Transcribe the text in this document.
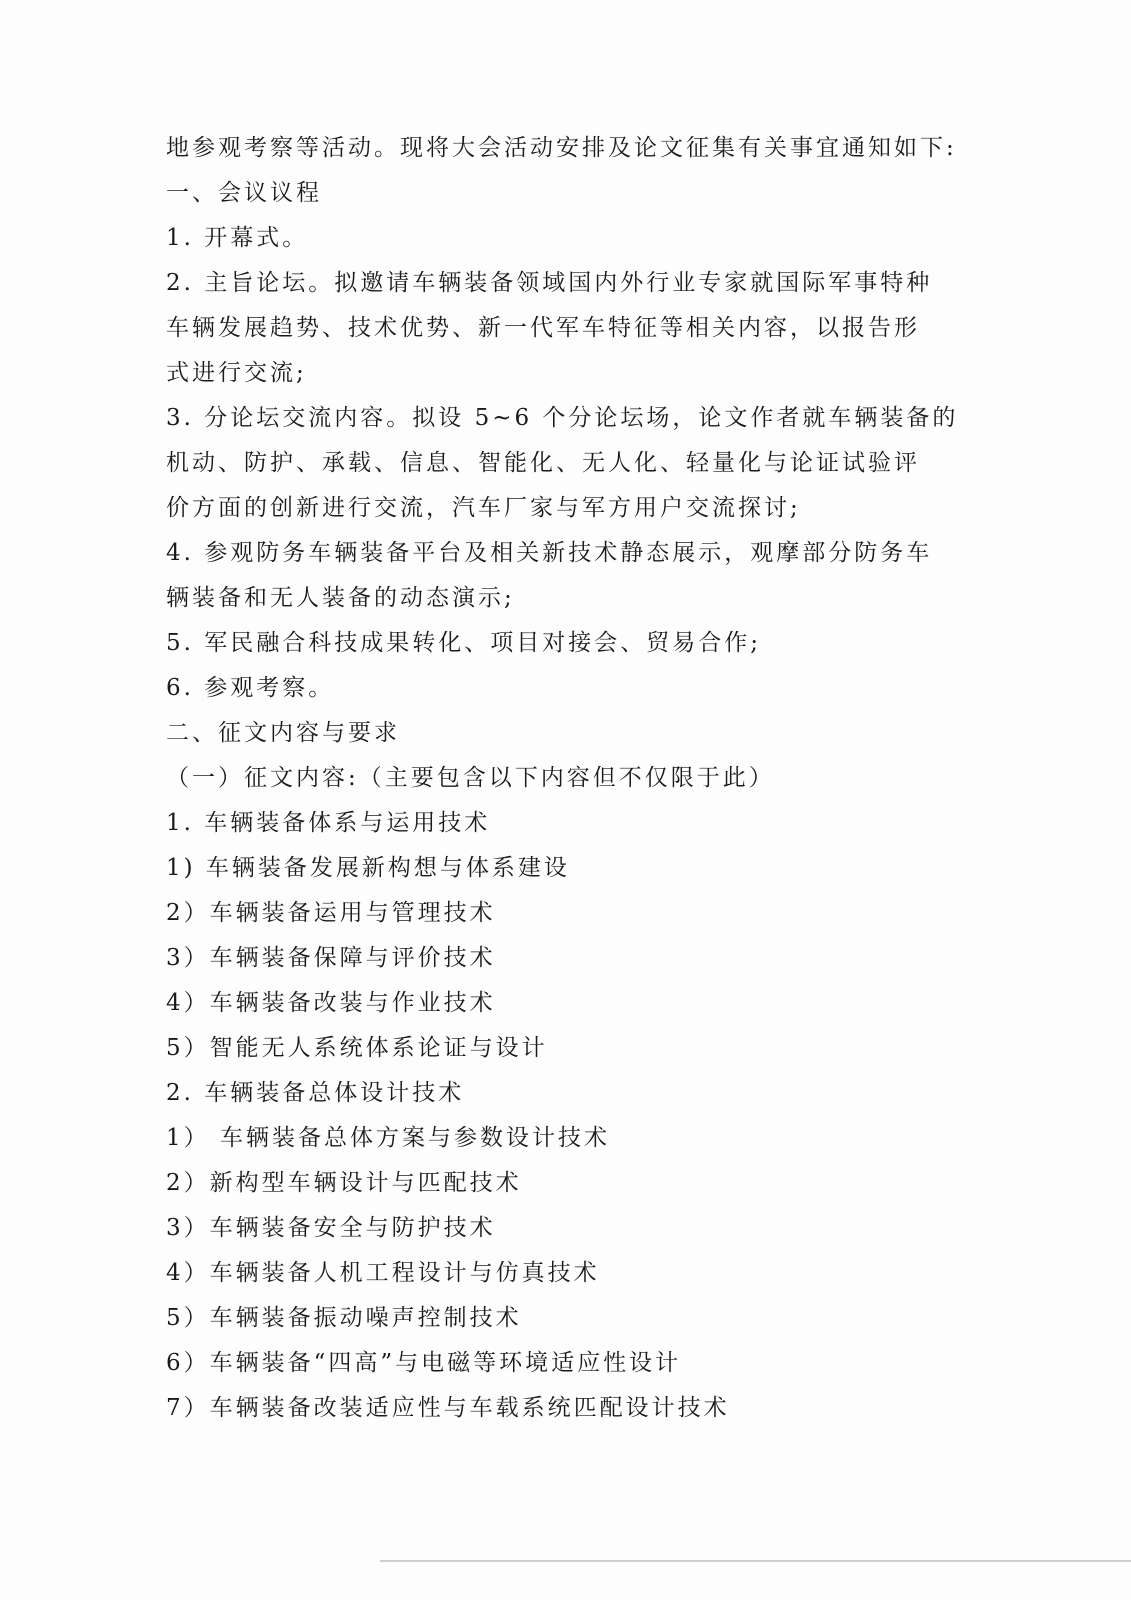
地参观考察等活动。现将大会活动安排及论文征集有关事宜通知如下:
一、会议议程
1. 开幕式。
2. 主旨论坛。拟邀请车辆装备领域国内外行业专家就国际军事特种
车辆发展趋势、技术优势、新一代军车特征等相关内容，以报告形
式进行交流;
3. 分论坛交流内容。拟设 5~6 个分论坛场，论文作者就车辆装备的
机动、防护、承载、信息、智能化、无人化、轻量化与论证试验评
价方面的创新进行交流，汽车厂家与军方用户交流探讨;
4. 参观防务车辆装备平台及相关新技术静态展示，观摩部分防务车
辆装备和无人装备的动态演示;
5. 军民融合科技成果转化、项目对接会、贸易合作;
6. 参观考察。
二、征文内容与要求
（一）征文内容:（主要包含以下内容但不仅限于此）
1. 车辆装备体系与运用技术
1) 车辆装备发展新构想与体系建设
2）车辆装备运用与管理技术
3）车辆装备保障与评价技术
4）车辆装备改装与作业技术
5）智能无人系统体系论证与设计
2. 车辆装备总体设计技术
1） 车辆装备总体方案与参数设计技术
2）新构型车辆设计与匹配技术
3）车辆装备安全与防护技术
4）车辆装备人机工程设计与仿真技术
5）车辆装备振动噪声控制技术
6）车辆装备“四高”与电磁等环境适应性设计
7）车辆装备改装适应性与车载系统匹配设计技术
